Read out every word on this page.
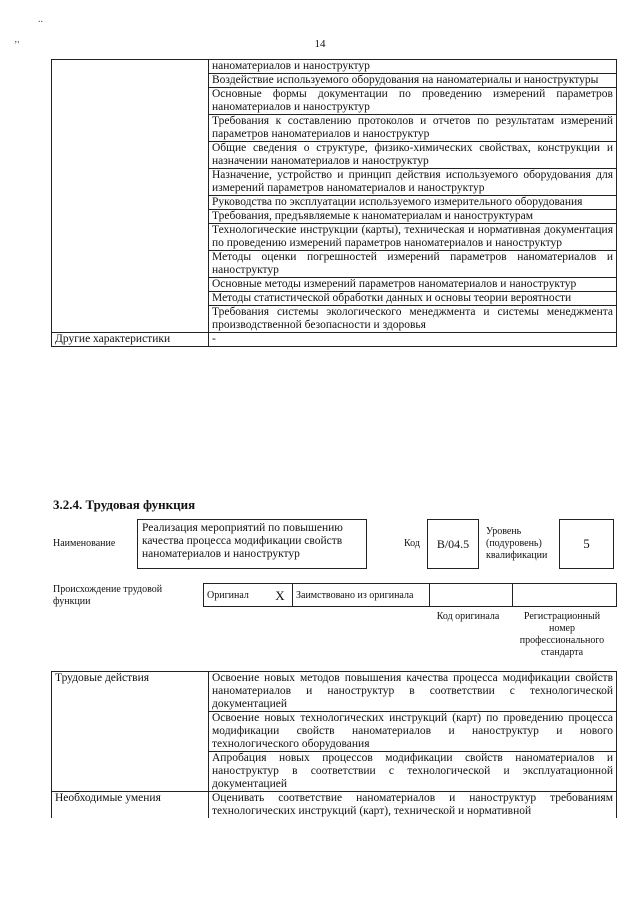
..
ʼ'	14
	наноматериалов и наноструктур
	Воздействие используемого оборудования на наноматериалы и наноструктуры
	Основные формы документации по проведению измерений параметров наноматериалов и наноструктур
	Требования к составлению протоколов и отчетов по результатам измерений параметров наноматериалов и наноструктур
	Общие сведения о структуре, физико-химических свойствах, конструкции и назначении наноматериалов и наноструктур
	Назначение, устройство и принцип действия используемого оборудования для измерений параметров наноматериалов и наноструктур
	Руководства по эксплуатации используемого измерительного оборудования
	Требования, предъявляемые к наноматериалам и наноструктурам
	Технологические инструкции (карты), техническая и нормативная документация по проведению измерений параметров наноматериалов и наноструктур
	Методы оценки погрешностей измерений параметров наноматериалов и наноструктур
	Основные методы измерений параметров наноматериалов и наноструктур
	Методы статистической обработки данных и основы теории вероятности
	Требования системы экологического менеджмента и системы менеджмента производственной безопасности и здоровья
Другие характеристики	-
3.2.4. Трудовая функция
Наименование
Реализация мероприятий по повышению качества процесса модификации свойств наноматериалов и наноструктур
Код	B/04.5
Уровень (подуровень) квалификации
5
Происхождение трудовой функции
Оригинал	X	Заимствовано из оригинала		
Код оригинала	Регистрационный номер профессионального стандарта
Трудовые действия	Освоение новых методов повышения качества процесса модификации свойств наноматериалов и наноструктур в соответствии с технологической документацией
	Освоение новых технологических инструкций (карт) по проведению процесса модификации свойств наноматериалов и наноструктур и нового технологического оборудования
	Апробация новых процессов модификации свойств наноматериалов и наноструктур в соответствии с технологической и эксплуатационной документацией
Необходимые умения	Оценивать соответствие наноматериалов и наноструктур требованиям технологических инструкций (карт), технической и нормативной
